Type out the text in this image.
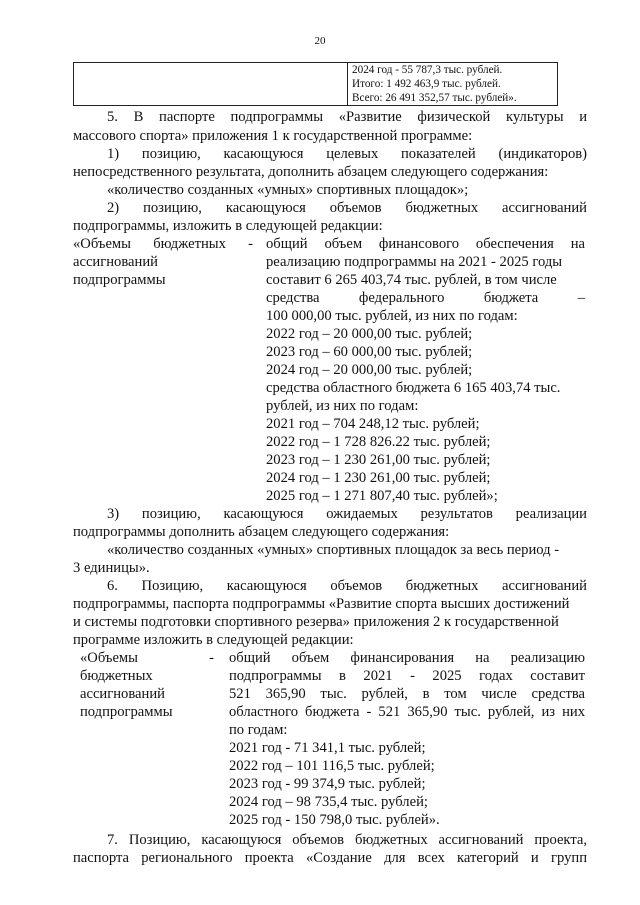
20
2024 год - 55 787,3 тыс. рублей.
Итого: 1 492 463,9 тыс. рублей.
Всего: 26 491 352,57 тыс. рублей».
5. В паспорте подпрограммы «Развитие физической культуры и
массового спорта» приложения 1 к государственной программе:
1) позицию, касающуюся целевых показателей (индикаторов)
непосредственного результата, дополнить абзацем следующего содержания:
«количество созданных «умных» спортивных площадок»;
2) позицию, касающуюся объемов бюджетных ассигнований
подпрограммы, изложить в следующей редакции:
«Объемы бюджетных -
ассигнований
подпрограммы
общий объем финансового обеспечения на
реализацию подпрограммы на 2021 - 2025 годы
составит 6 265 403,74 тыс. рублей, в том числе
средства федерального бюджета –
100 000,00 тыс. рублей, из них по годам:
2022 год – 20 000,00 тыс. рублей;
2023 год – 60 000,00 тыс. рублей;
2024 год – 20 000,00 тыс. рублей;
средства областного бюджета 6 165 403,74 тыс.
рублей, из них по годам:
2021 год – 704 248,12 тыс. рублей;
2022 год – 1 728 826.22 тыс. рублей;
2023 год – 1 230 261,00 тыс. рублей;
2024 год – 1 230 261,00 тыс. рублей;
2025 год – 1 271 807,40 тыс. рублей»;
3) позицию, касающуюся ожидаемых результатов реализации
подпрограммы дополнить абзацем следующего содержания:
«количество созданных «умных» спортивных площадок за весь период -
3 единицы».
6. Позицию, касающуюся объемов бюджетных ассигнований
подпрограммы, паспорта подпрограммы «Развитие спорта высших достижений
и системы подготовки спортивного резерва» приложения 2 к государственной
программе изложить в следующей редакции:
«Объемы -
бюджетных
ассигнований
подпрограммы
общий объем финансирования на реализацию
подпрограммы в 2021 - 2025 годах составит
521 365,90 тыс. рублей, в том числе средства
областного бюджета - 521 365,90 тыс. рублей, из них
по годам:
2021 год - 71 341,1 тыс. рублей;
2022 год – 101 116,5 тыс. рублей;
2023 год - 99 374,9 тыс. рублей;
2024 год – 98 735,4 тыс. рублей;
2025 год - 150 798,0 тыс. рублей».
7. Позицию, касающуюся объемов бюджетных ассигнований проекта,
паспорта регионального проекта «Создание для всех категорий и групп
